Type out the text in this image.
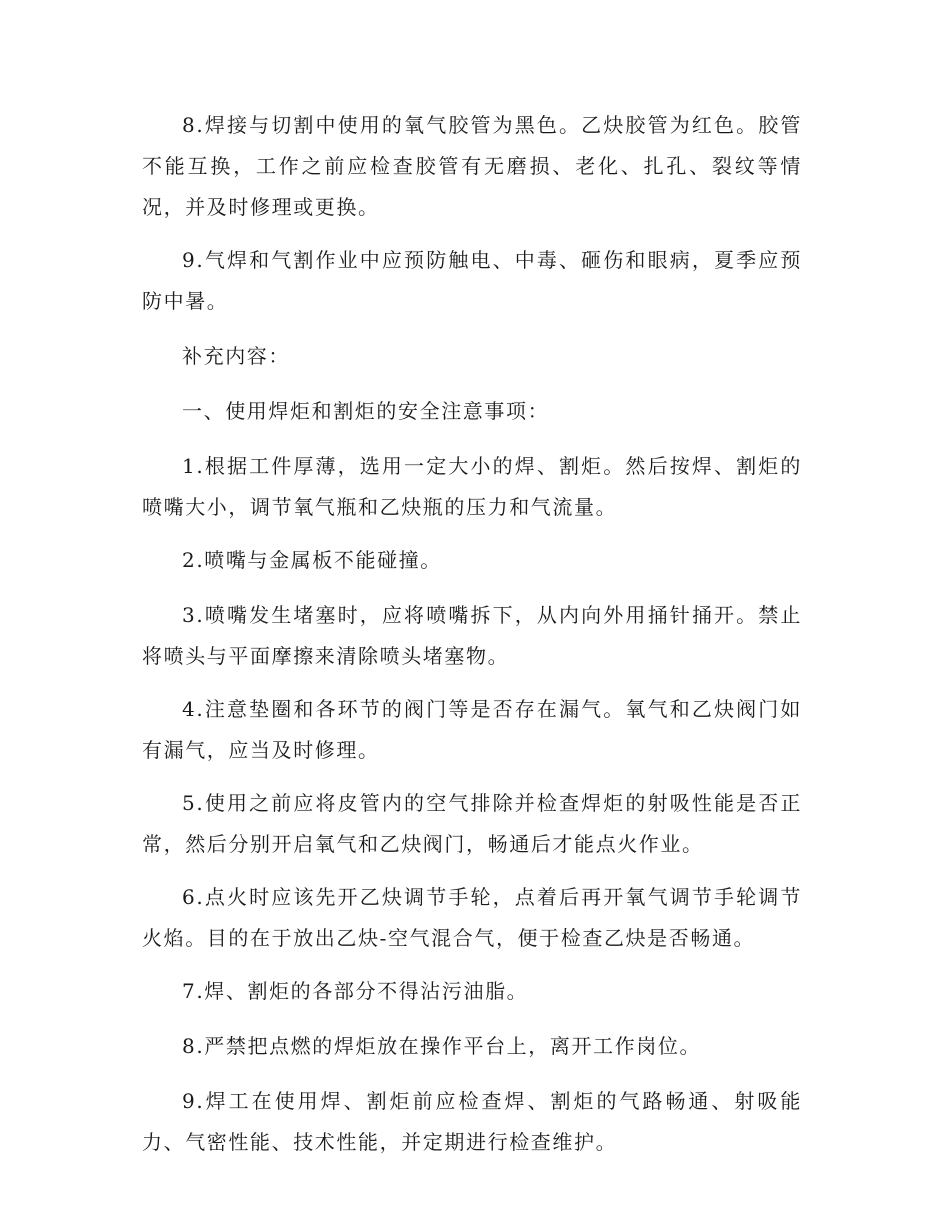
8.焊接与切割中使用的氧气胶管为黑色。乙炔胶管为红色。胶管不能互换，工作之前应检查胶管有无磨损、老化、扎孔、裂纹等情况，并及时修理或更换。

9.气焊和气割作业中应预防触电、中毒、砸伤和眼病，夏季应预防中暑。

补充内容：

一、使用焊炬和割炬的安全注意事项：

1.根据工件厚薄，选用一定大小的焊、割炬。然后按焊、割炬的喷嘴大小，调节氧气瓶和乙炔瓶的压力和气流量。

2.喷嘴与金属板不能碰撞。

3.喷嘴发生堵塞时，应将喷嘴拆下，从内向外用捅针捅开。禁止将喷头与平面摩擦来清除喷头堵塞物。

4.注意垫圈和各环节的阀门等是否存在漏气。氧气和乙炔阀门如有漏气，应当及时修理。

5.使用之前应将皮管内的空气排除并检查焊炬的射吸性能是否正常，然后分别开启氧气和乙炔阀门，畅通后才能点火作业。

6.点火时应该先开乙炔调节手轮，点着后再开氧气调节手轮调节火焰。目的在于放出乙炔-空气混合气，便于检查乙炔是否畅通。

7.焊、割炬的各部分不得沾污油脂。

8.严禁把点燃的焊炬放在操作平台上，离开工作岗位。

9.焊工在使用焊、割炬前应检查焊、割炬的气路畅通、射吸能力、气密性能、技术性能，并定期进行检查维护。
